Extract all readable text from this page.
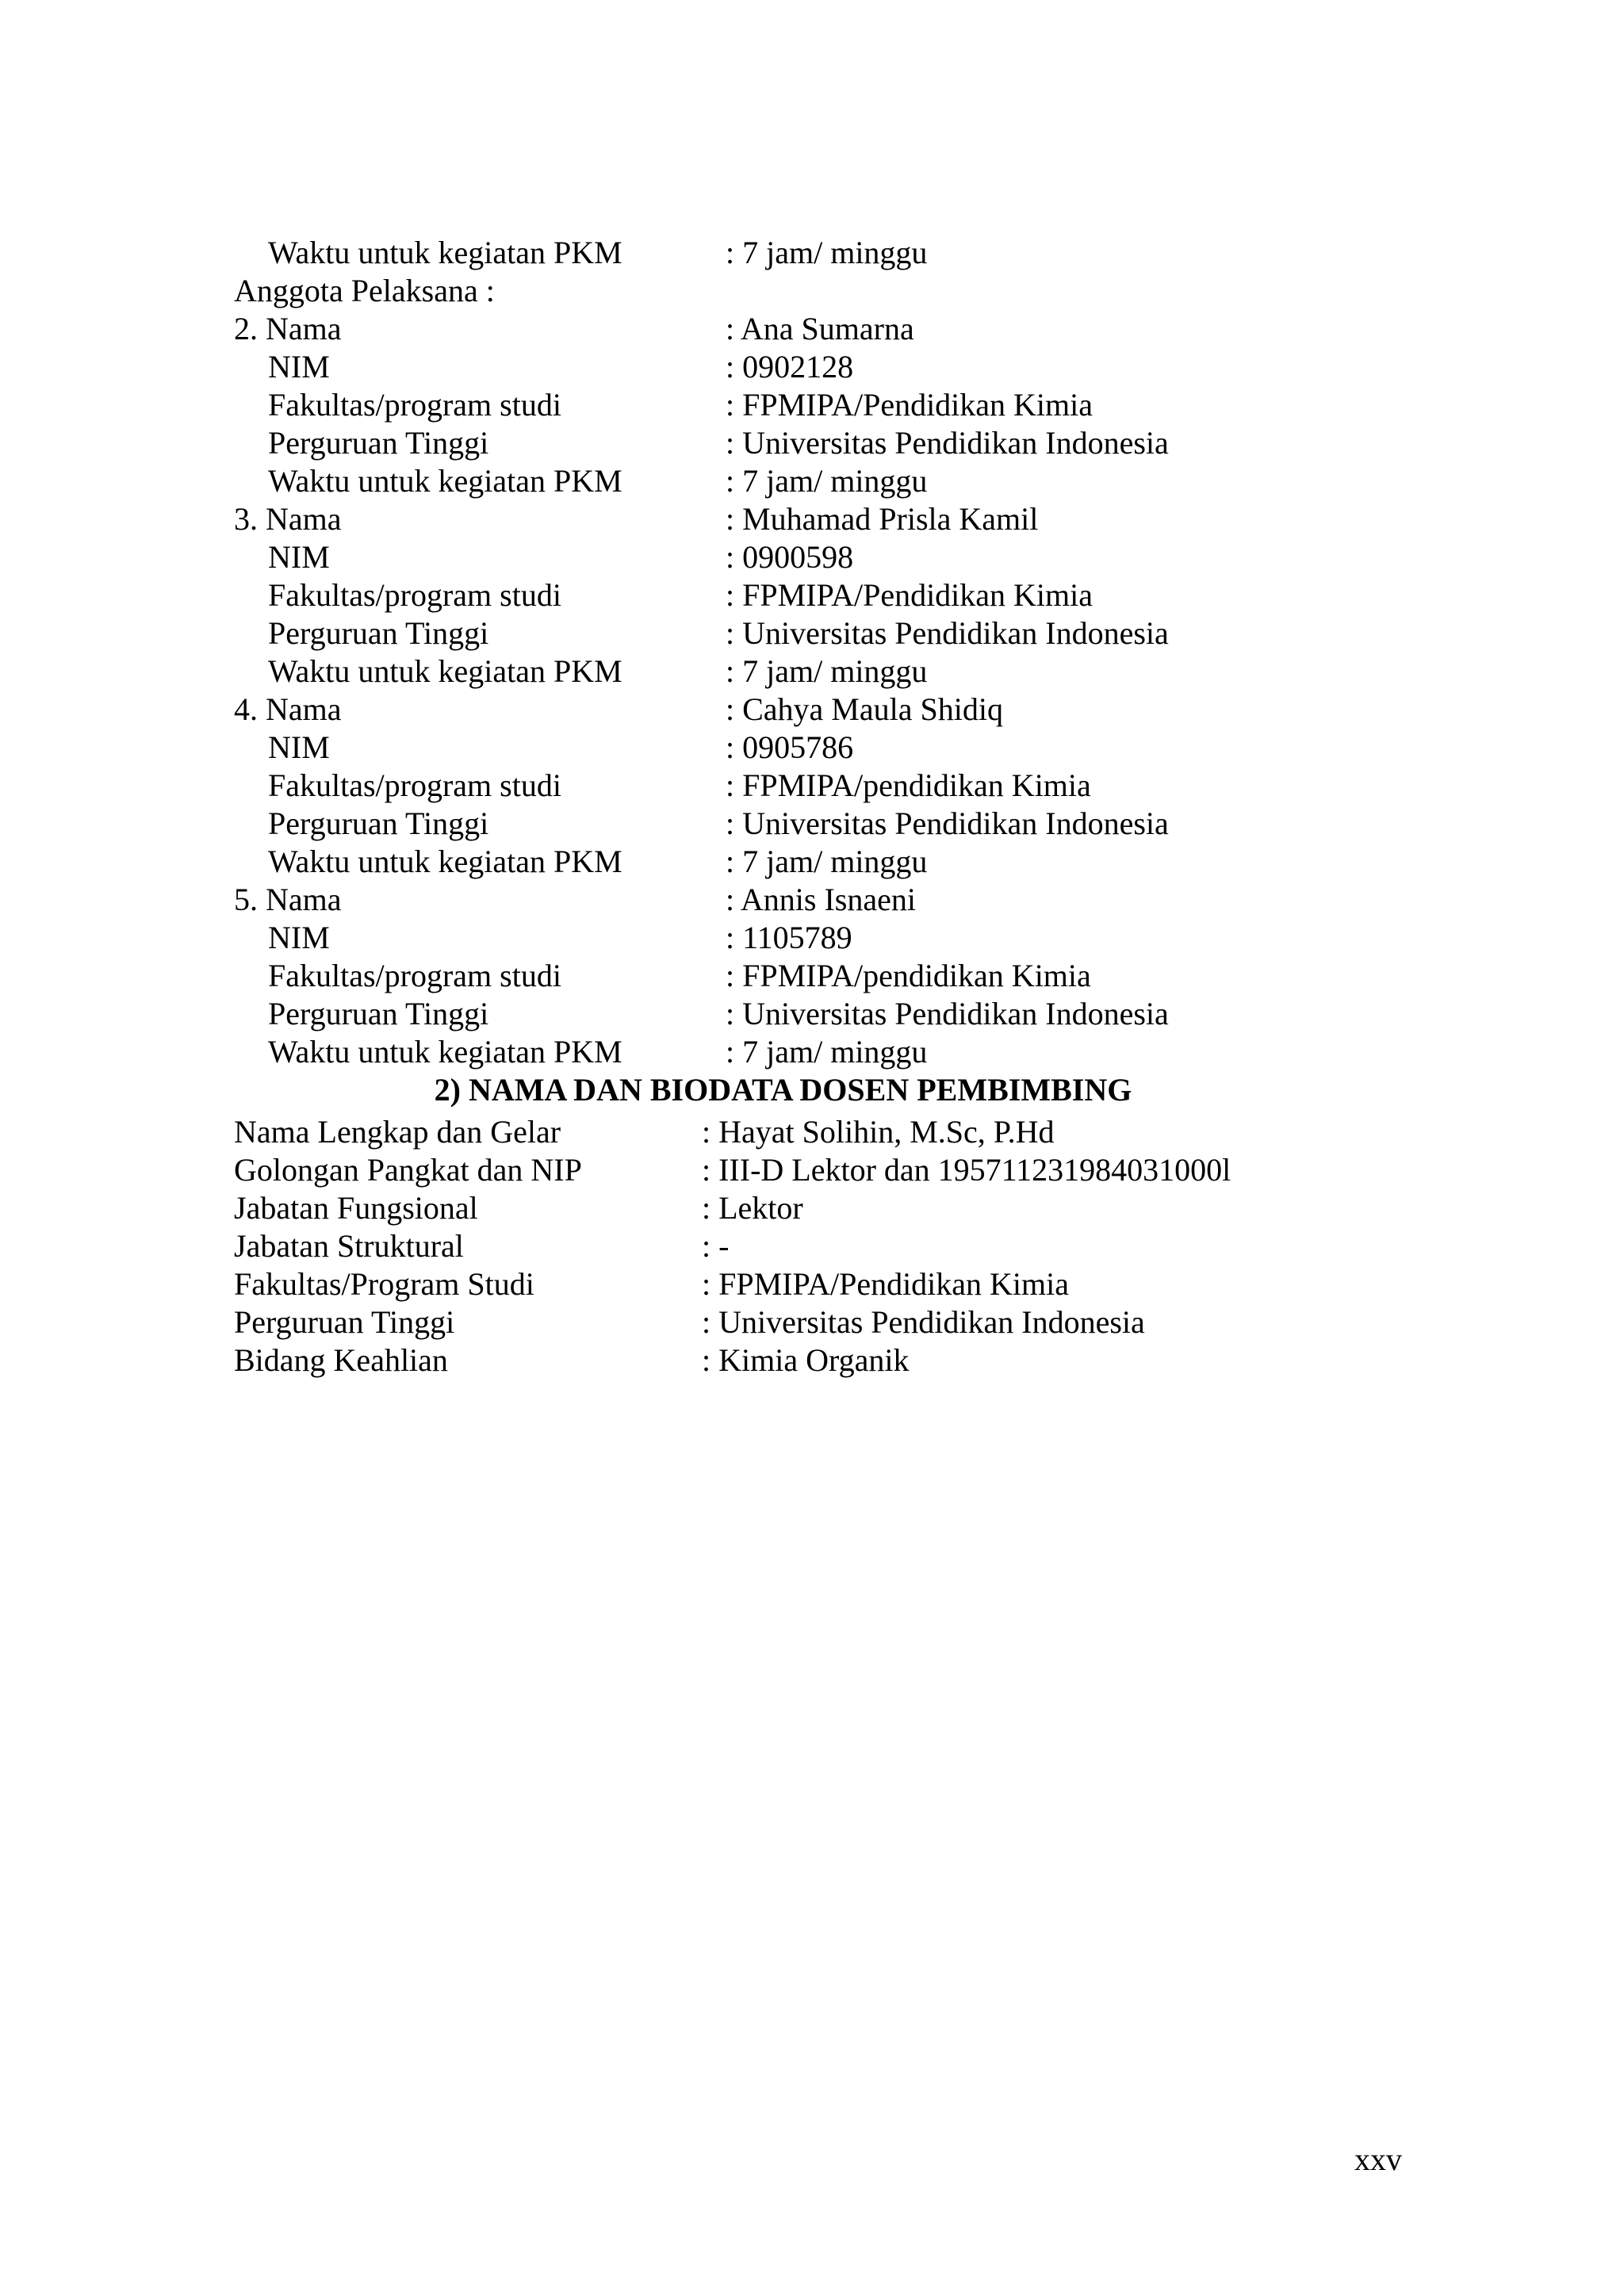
Waktu untuk kegiatan PKM	: 7 jam/ minggu
Anggota Pelaksana :
2. Nama	: Ana Sumarna
NIM	: 0902128
Fakultas/program studi	: FPMIPA/Pendidikan Kimia
Perguruan Tinggi	: Universitas Pendidikan Indonesia
Waktu untuk kegiatan PKM	: 7 jam/ minggu
3. Nama	: Muhamad Prisla Kamil
NIM	: 0900598
Fakultas/program studi	: FPMIPA/Pendidikan Kimia
Perguruan Tinggi	: Universitas Pendidikan Indonesia
Waktu untuk kegiatan PKM	: 7 jam/ minggu
4. Nama	: Cahya Maula Shidiq
NIM	: 0905786
Fakultas/program studi	: FPMIPA/pendidikan Kimia
Perguruan Tinggi	: Universitas Pendidikan Indonesia
Waktu untuk kegiatan PKM	: 7 jam/ minggu
5. Nama	: Annis Isnaeni
NIM	: 1105789
Fakultas/program studi	: FPMIPA/pendidikan Kimia
Perguruan Tinggi	: Universitas Pendidikan Indonesia
Waktu untuk kegiatan PKM	: 7 jam/ minggu
2) NAMA DAN BIODATA DOSEN PEMBIMBING
Nama Lengkap dan Gelar	: Hayat Solihin, M.Sc, P.Hd
Golongan Pangkat dan NIP	: III-D Lektor dan 195711231984031000l
Jabatan Fungsional	: Lektor
Jabatan Struktural	: -
Fakultas/Program Studi	: FPMIPA/Pendidikan Kimia
Perguruan Tinggi	: Universitas Pendidikan Indonesia
Bidang Keahlian	: Kimia Organik
xxv
